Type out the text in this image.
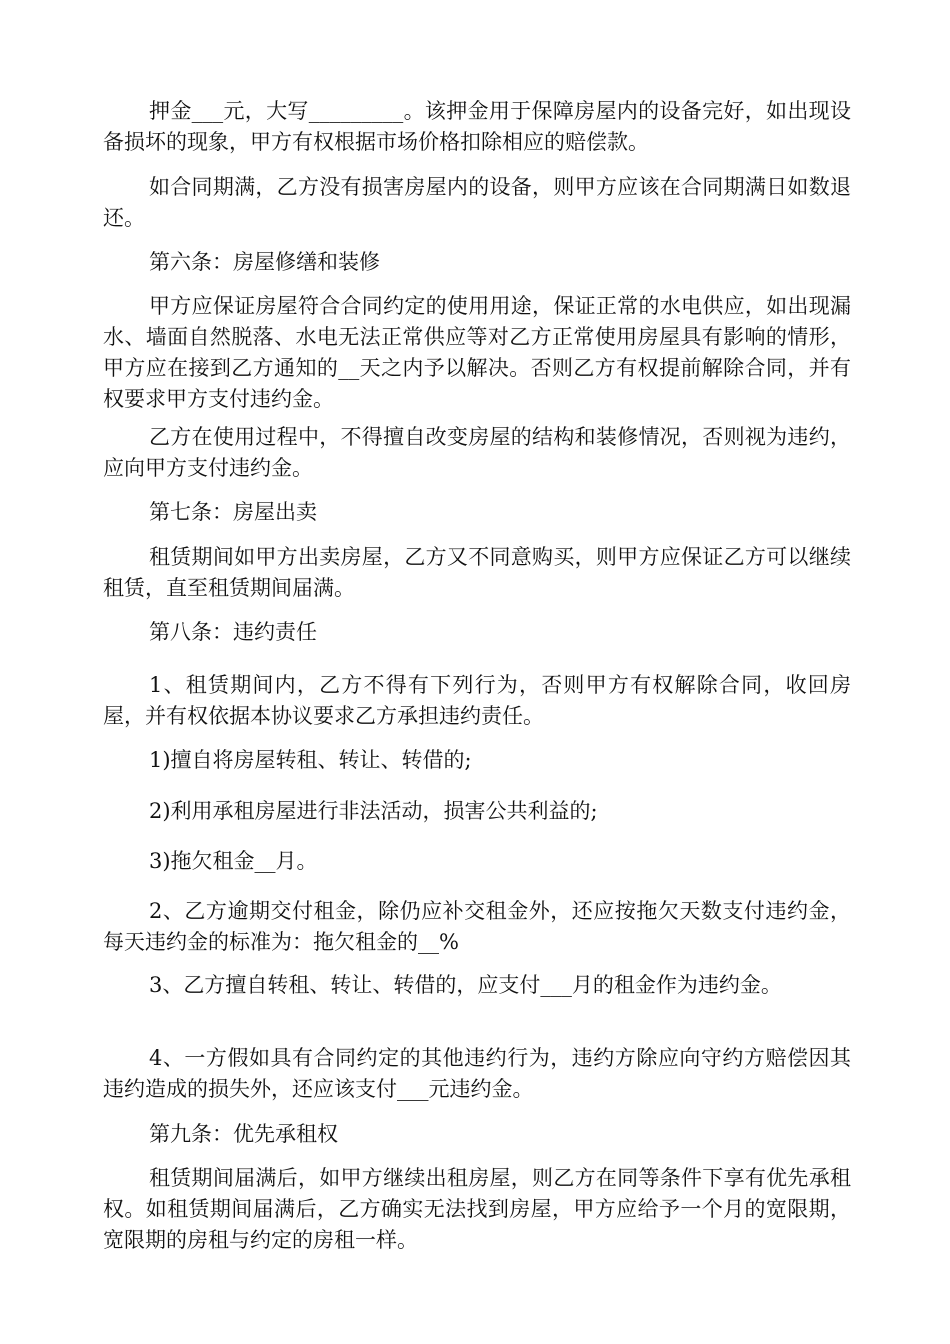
押金___元，大写_________。该押金用于保障房屋内的设备完好，如出现设备损坏的现象，甲方有权根据市场价格扣除相应的赔偿款。

如合同期满，乙方没有损害房屋内的设备，则甲方应该在合同期满日如数退还。

第六条：房屋修缮和装修

甲方应保证房屋符合合同约定的使用用途，保证正常的水电供应，如出现漏水、墙面自然脱落、水电无法正常供应等对乙方正常使用房屋具有影响的情形，甲方应在接到乙方通知的__天之内予以解决。否则乙方有权提前解除合同，并有权要求甲方支付违约金。

乙方在使用过程中，不得擅自改变房屋的结构和装修情况，否则视为违约，应向甲方支付违约金。

第七条：房屋出卖

租赁期间如甲方出卖房屋，乙方又不同意购买，则甲方应保证乙方可以继续租赁，直至租赁期间届满。

第八条：违约责任

1、租赁期间内，乙方不得有下列行为，否则甲方有权解除合同，收回房屋，并有权依据本协议要求乙方承担违约责任。

1)擅自将房屋转租、转让、转借的;

2)利用承租房屋进行非法活动，损害公共利益的;

3)拖欠租金__月。

2、乙方逾期交付租金，除仍应补交租金外，还应按拖欠天数支付违约金，每天违约金的标准为：拖欠租金的__%

3、乙方擅自转租、转让、转借的，应支付___月的租金作为违约金。

4、一方假如具有合同约定的其他违约行为，违约方除应向守约方赔偿因其违约造成的损失外，还应该支付___元违约金。

第九条：优先承租权

租赁期间届满后，如甲方继续出租房屋，则乙方在同等条件下享有优先承租权。如租赁期间届满后，乙方确实无法找到房屋，甲方应给予一个月的宽限期，宽限期的房租与约定的房租一样。
